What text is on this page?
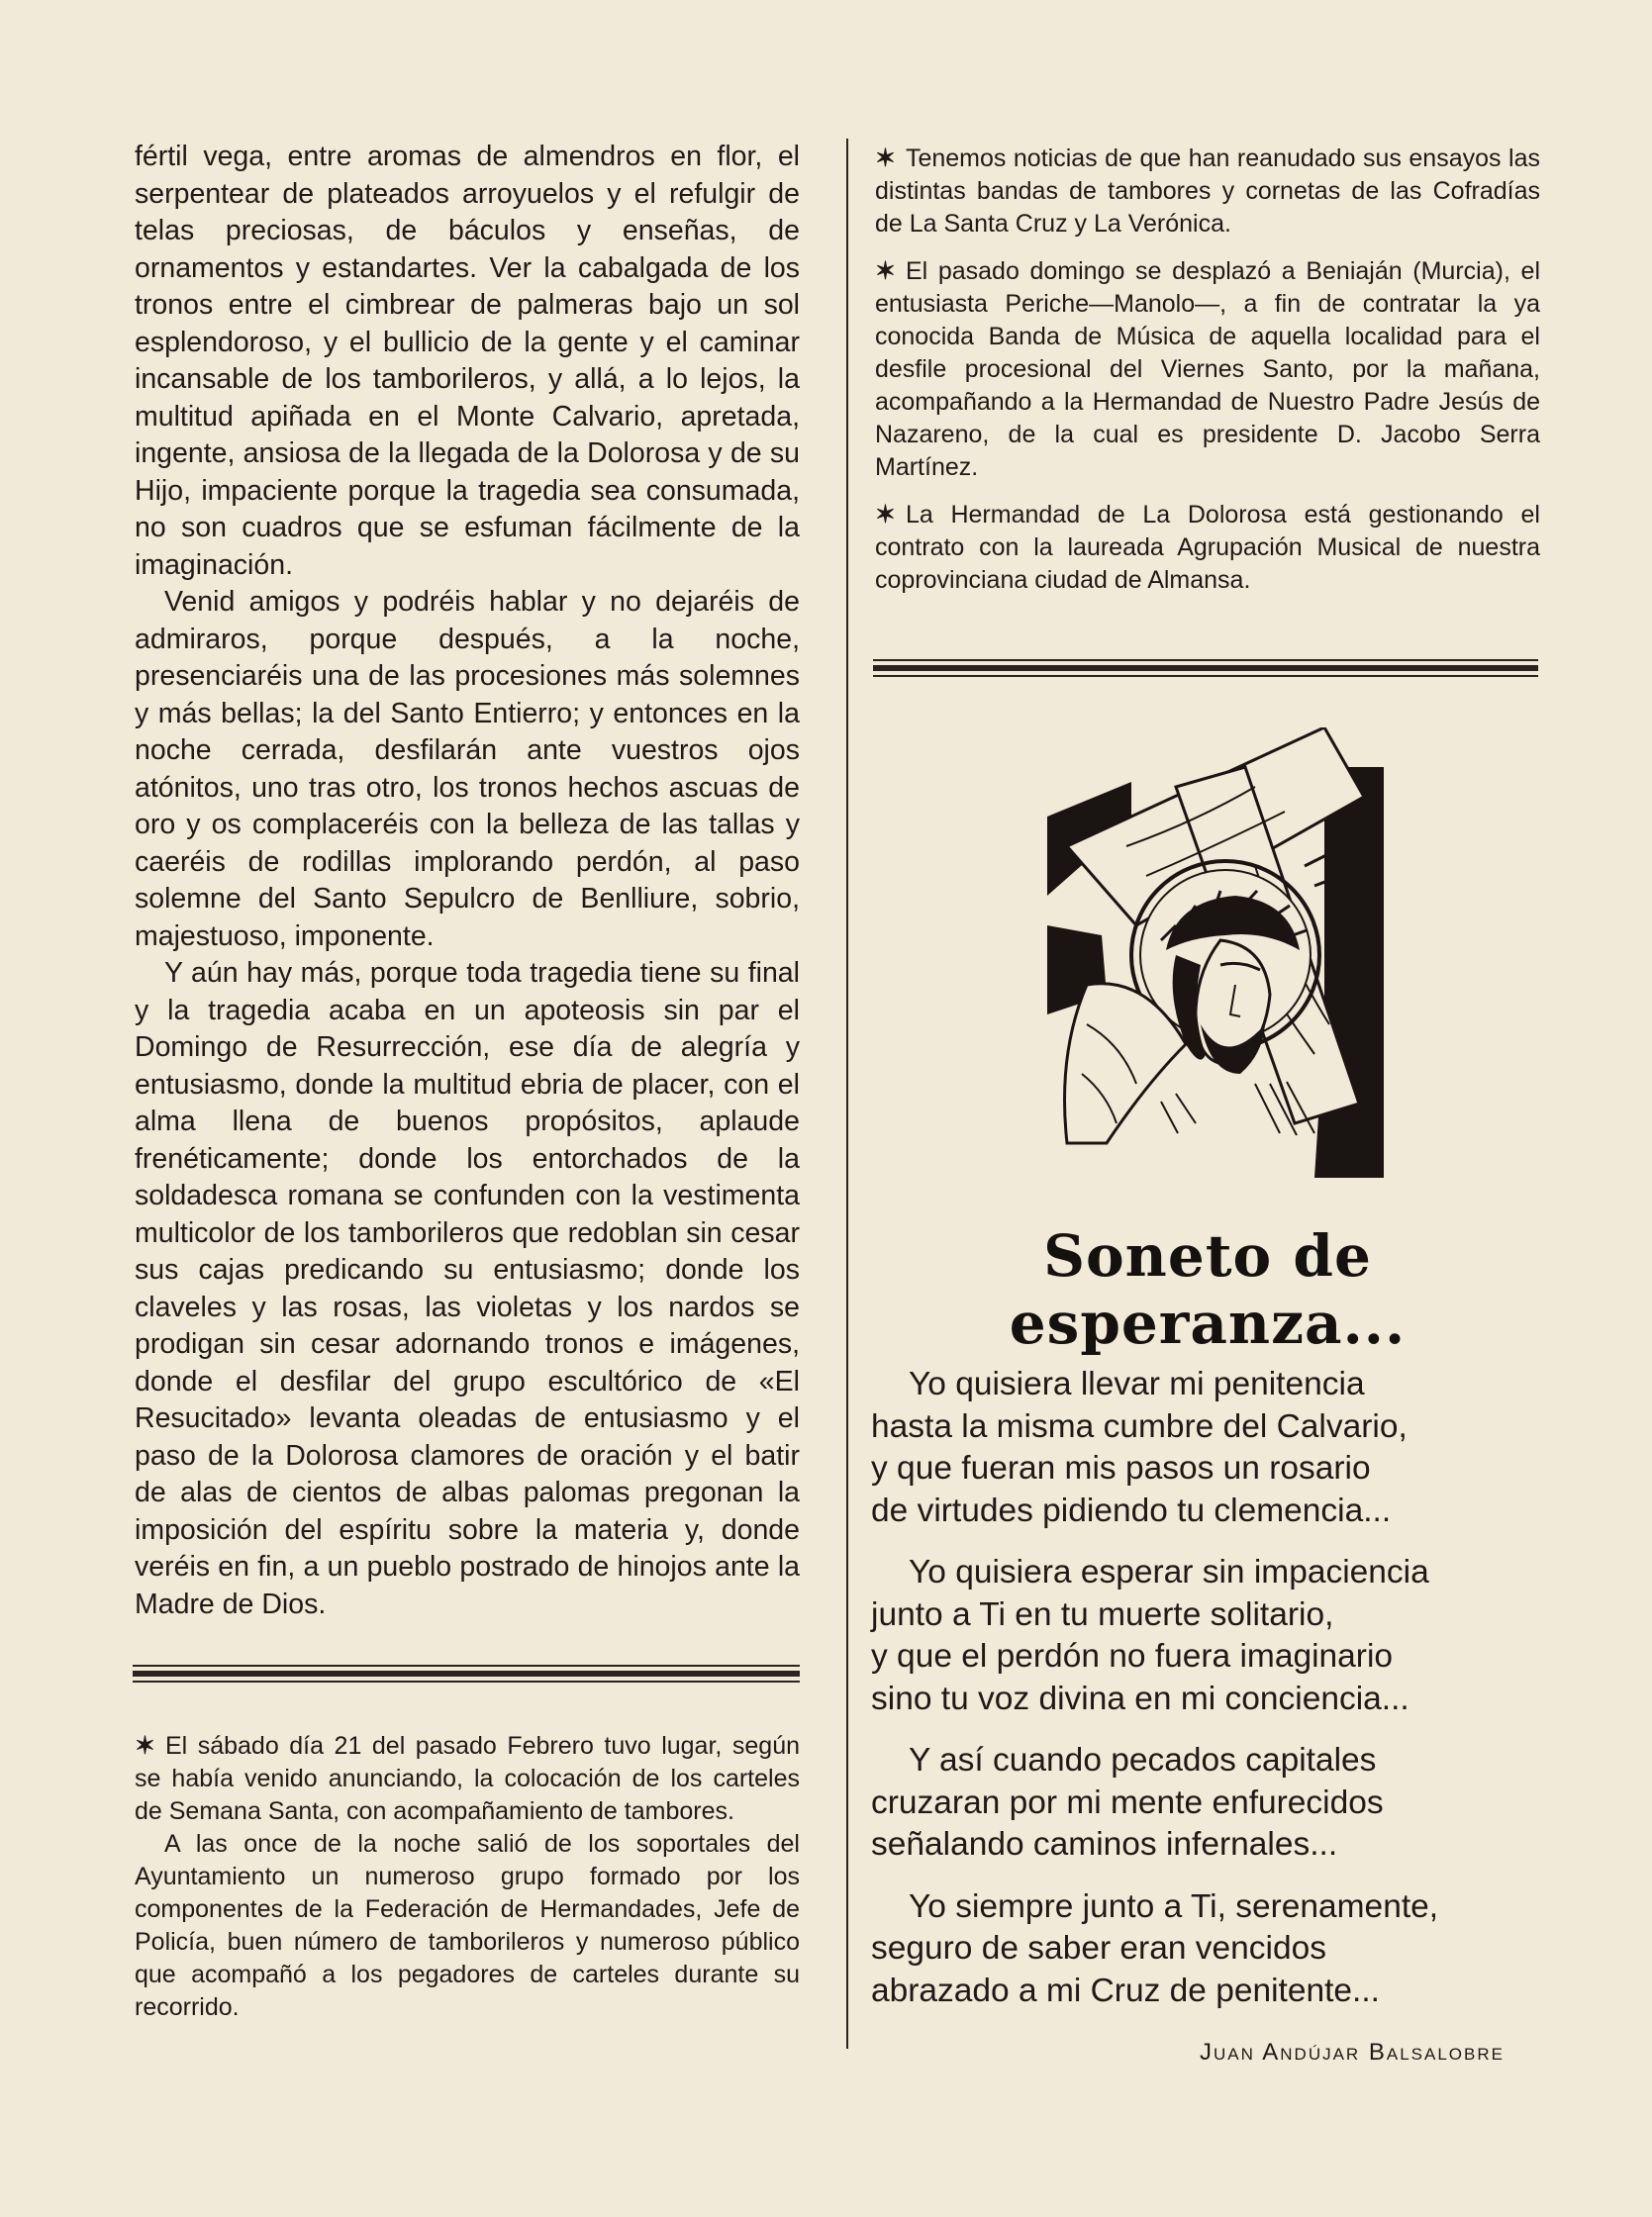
fértil vega, entre aromas de almendros en flor, el serpentear de plateados arroyuelos y el refulgir de telas preciosas, de báculos y enseñas, de ornamentos y estandartes. Ver la cabalgada de los tronos entre el cimbrear de palmeras bajo un sol esplendoroso, y el bullicio de la gente y el caminar incansable de los tamborileros, y allá, a lo lejos, la multitud apiñada en el Monte Calvario, apretada, ingente, ansiosa de la llegada de la Dolorosa y de su Hijo, impaciente porque la tragedia sea consumada, no son cuadros que se esfuman fácilmente de la imaginación.

Venid amigos y podréis hablar y no dejaréis de admiraros, porque después, a la noche, presenciaréis una de las procesiones más solemnes y más bellas; la del Santo Entierro; y entonces en la noche cerrada, desfilarán ante vuestros ojos atónitos, uno tras otro, los tronos hechos ascuas de oro y os complaceréis con la belleza de las tallas y caeréis de rodillas implorando perdón, al paso solemne del Santo Sepulcro de Benlliure, sobrio, majestuoso, imponente.

Y aún hay más, porque toda tragedia tiene su final y la tragedia acaba en un apoteosis sin par el Domingo de Resurrección, ese día de alegría y entusiasmo, donde la multitud ebria de placer, con el alma llena de buenos propósitos, aplaude frenéticamente; donde los entorchados de la soldadesca romana se confunden con la vestimenta multicolor de los tamborileros que redoblan sin cesar sus cajas predicando su entusiasmo; donde los claveles y las rosas, las violetas y los nardos se prodigan sin cesar adornando tronos e imágenes, donde el desfilar del grupo escultórico de «El Resucitado» levanta oleadas de entusiasmo y el paso de la Dolorosa clamores de oración y el batir de alas de cientos de albas palomas pregonan la imposición del espíritu sobre la materia y, donde veréis en fin, a un pueblo postrado de hinojos ante la Madre de Dios.

✶ El sábado día 21 del pasado Febrero tuvo lugar, según se había venido anunciando, la colocación de los carteles de Semana Santa, con acompañamiento de tambores.

A las once de la noche salió de los soportales del Ayuntamiento un numeroso grupo formado por los componentes de la Federación de Hermandades, Jefe de Policía, buen número de tamborileros y numeroso público que acompañó a los pegadores de carteles durante su recorrido.

✶ Tenemos noticias de que han reanudado sus ensayos las distintas bandas de tambores y cornetas de las Cofradías de La Santa Cruz y La Verónica.

✶ El pasado domingo se desplazó a Beniaján (Murcia), el entusiasta Periche—Manolo—, a fin de contratar la ya conocida Banda de Música de aquella localidad para el desfile procesional del Viernes Santo, por la mañana, acompañando a la Hermandad de Nuestro Padre Jesús de Nazareno, de la cual es presidente D. Jacobo Serra Martínez.

✶ La Hermandad de La Dolorosa está gestionando el contrato con la laureada Agrupación Musical de nuestra coprovinciana ciudad de Almansa.

Soneto de esperanza...
Yo quisiera llevar mi penitencia
hasta la misma cumbre del Calvario,
y que fueran mis pasos un rosario
de virtudes pidiendo tu clemencia...
Yo quisiera esperar sin impaciencia
junto a Ti en tu muerte solitario,
y que el perdón no fuera imaginario
sino tu voz divina en mi conciencia...
Y así cuando pecados capitales
cruzaran por mi mente enfurecidos
señalando caminos infernales...
Yo siempre junto a Ti, serenamente,
seguro de saber eran vencidos
abrazado a mi Cruz de penitente...
Juan Andújar Balsalobre
